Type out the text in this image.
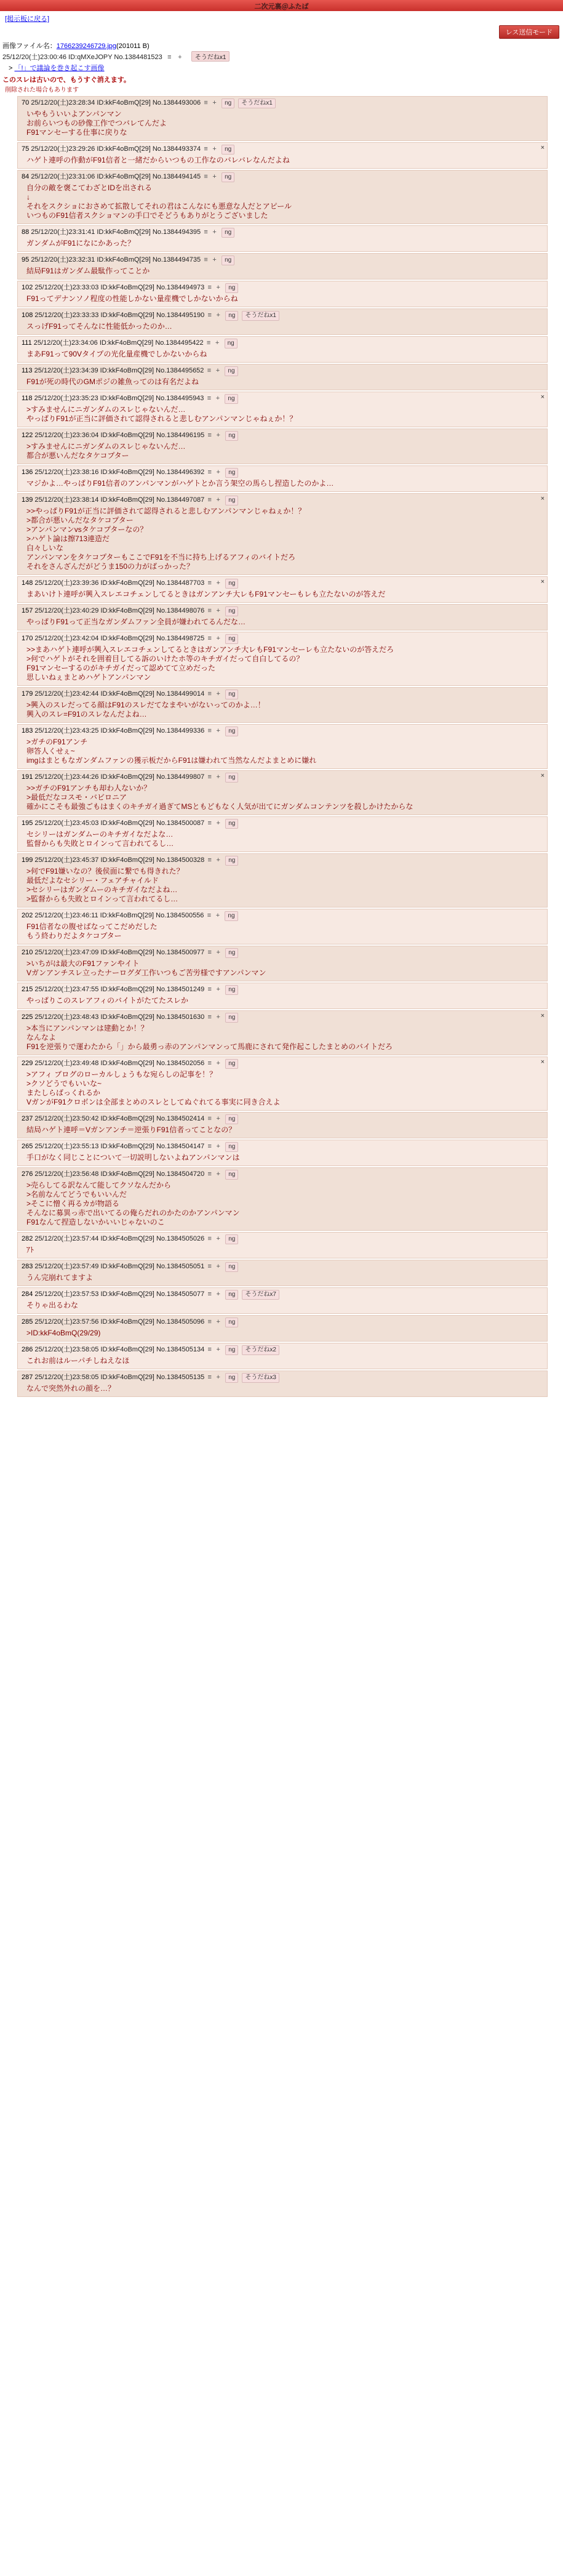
二次元裏＠ふたば
[掲示板に戻る]
レス送信モード
画像ファイル名：1766239246729.jpg(201011 B)
25/12/20(土)23:00:46 ID:qMXeJOPY No.1384481523 ≡ + そうだねx1
> 「!」で議論を巻き起こす画像
このスレは古いので、もうすぐ消えます。
削除された場合もあります
70 25/12/20(土)23:28:34 ID:kkF4oBmQ[29] No.1384493006 ≡ + ng そうだねx1
いやもういいよアンパンマン
お前らいつもの砂像工作でつバレてんだよ
F91マンセーする仕事に戻りな
75 25/12/20(土)23:29:26 ID:kkF4oBmQ[29] No.1384493374 ≡ + ng	×
ハゲト連呼の作動がF91信者と一緒だからいつもの工作なのバレバレなんだよね
84 25/12/20(土)23:31:06 ID:kkF4oBmQ[29] No.1384494145 ≡ + ng
自分の敵を褒こてわざとIDを出される
↓
それをスクショにおさめて拡散してそれの君はこんなにも悪意な人だとアピール
いつものF91信者スクショマンの手口でそどうもありがとうございました
88 25/12/20(土)23:31:41 ID:kkF4oBmQ[29] No.1384494395 ≡ + ng
ガンダムがF91になにかあった？
95 25/12/20(土)23:32:31 ID:kkF4oBmQ[29] No.1384494735 ≡ + ng
結局F91はガンダム最駄作ってことか
102 25/12/20(土)23:33:03 ID:kkF4oBmQ[29] No.1384494973 ≡ + ng
F91ってデナンソノ程度の性能しかない量産機でしかないからね
108 25/12/20(土)23:33:33 ID:kkF4oBmQ[29] No.1384495190 ≡ + ng そうだねx1
スっげF91ってそんなに性能低かったのか…
111 25/12/20(土)23:34:06 ID:kkF4oBmQ[29] No.1384495422 ≡ + ng
まあF91って90Vタイプの光化量産機でしかないからね
113 25/12/20(土)23:34:39 ID:kkF4oBmQ[29] No.1384495652 ≡ + ng
F91が死の時代のGMポジの雑魚ってのは有名だよね
118 25/12/20(土)23:35:23 ID:kkF4oBmQ[29] No.1384495943 ≡ + ng	×
>すみませんにニガンダムのスレじゃないんだ…
やっぱりF91が正当に評価されて認得されると悲しむアンパンマンじゃねぇか！？
122 25/12/20(土)23:36:04 ID:kkF4oBmQ[29] No.1384496195 ≡ + ng
>すみませんにニガンダムのスレじゃないんだ…
都合が悪いんだなタケコプター
136 25/12/20(土)23:38:16 ID:kkF4oBmQ[29] No.1384496392 ≡ + ng
マジかよ…やっぱりF91信者のアンパンマンがハゲトとか言う架空の馬らし捏造したのかよ…
139 25/12/20(土)23:38:14 ID:kkF4oBmQ[29] No.1384497087 ≡ + ng	×
>>やっぱりF91が正当に評価されて認得されると悲しむアンパンマンじゃねぇか！？
>都合が悪いんだなタケコプター
>アンパンマンvsタケコプターなの？
>ハゲト論は擦713連造だ
白々しいな
アンパンマンをタケコプターもここでF91を不当に持ち上げるアフィのバイトだろ
それをさんざんだがどうま150の力がばっかった？
148 25/12/20(土)23:39:36 ID:kkF4oBmQ[29] No.1384487703 ≡ + ng	×
まあいけト連呼が興入スレエコチェンしてるときはガンアンチ大レもF91マンセーもレも立たないのが答えだ
157 25/12/20(土)23:40:29 ID:kkF4oBmQ[29] No.1384498076 ≡ + ng
やっぱりF91って正当なガンダムファン全員が嫌われてるんだな…
170 25/12/20(土)23:42:04 ID:kkF4oBmQ[29] No.1384498725 ≡ + ng
>>まあハゲト連呼が興入スレエコチェンしてるときはガンアンチ大レもF91マンセーレも立たないのが答えだろ
>何でハゲトがそれを囲着目してる訴のいけたホ等のキチガイだって自白してるの？
F91マンセーするのがキチガイだって認めてて立めだった
思しいねぇまとめハゲトアンパンマン
179 25/12/20(土)23:42:44 ID:kkF4oBmQ[29] No.1384499014 ≡ + ng
>興入のスレだってる顔はF91のスレだてなまやいがないってのかよ…！
興入のスレ=F91のスレなんだよね…
183 25/12/20(土)23:43:25 ID:kkF4oBmQ[29] No.1384499336 ≡ + ng
>ガチのF91アンチ
卵答人くせぇ~
imgはまともなガンダムファンの獲示板だからF91は嫌われて当然なんだよまとめに嫌れ
191 25/12/20(土)23:44:26 ID:kkF4oBmQ[29] No.1384499807 ≡ + ng	×
>>ガチのF91アンチも却わ人ないか？
>最低だなコスモ・バビロニア
確かにこそも最強ごもはまくのキチガイ過ぎてMSともどもなく人気が出てにガンダムコンテンツを殺しかけたからな
195 25/12/20(土)23:45:03 ID:kkF4oBmQ[29] No.1384500087 ≡ + ng
セシリーはガンダムーのキチガイなだよな…
監督からも失敗とロインって言われてるし…
199 25/12/20(土)23:45:37 ID:kkF4oBmQ[29] No.1384500328 ≡ + ng
>何でF91嫌いなの？後侯面に繋でも得きれた？
最低だよなセシリー・フェアチャイルド
>セシリーはガンダムーのキチガイなだよね…
>監督からも失敗とロインって言われてるし…
202 25/12/20(土)23:46:11 ID:kkF4oBmQ[29] No.1384500556 ≡ + ng
F91信者なの腹せばなってこだめだした
もう終わりだよタケコプター
210 25/12/20(土)23:47:09 ID:kkF4oBmQ[29] No.1384500977 ≡ + ng
>いちがは最大のF91ファンやイト
Vガンアンチスレ立ったナーログダ工作いつもご苦労様ですアンパンマン
215 25/12/20(土)23:47:55 ID:kkF4oBmQ[29] No.1384501249 ≡ + ng
やっぱりこのスレアフィのバイトがたてたスレか
225 25/12/20(土)23:48:43 ID:kkF4oBmQ[29] No.1384501630 ≡ + ng	×
>本当にアンパンマンは建動とか！？
なんなよ
F91を逆張りで運わたから「」から最勇っ赤のアンパンマンって馬鹿にされて発作起こしたまとめのバイトだろ
229 25/12/20(土)23:49:48 ID:kkF4oBmQ[29] No.1384502056 ≡ + ng	×
>アフィ ブログのローカルしょうもな宛らしの記事を！？
>クソどうでもいいな~
またしらばっくれるか
VガンがF91クロボンは全部まとめのスレとしてぬぐれてる事実に同き合えよ
237 25/12/20(土)23:50:42 ID:kkF4oBmQ[29] No.1384502414 ≡ + ng
結局ハゲト連呼＝Vガンアンチ＝逆張りF91信者ってことなの？
265 25/12/20(土)23:55:13 ID:kkF4oBmQ[29] No.1384504147 ≡ + ng
手口がなく同じことについて一切説明しないよねアンパンマンは
276 25/12/20(土)23:56:48 ID:kkF4oBmQ[29] No.1384504720 ≡ + ng
>売らしてる訳なんて能してクソなんだから
>名前なんてどうでもいいんだ
>そこに憎く再るカが物語る
そんなに募異っ赤で出いてるの俺らだれのかたのかアンパンマン
F91なんて捏造しないかいいじゃないのこ
282 25/12/20(土)23:57:44 ID:kkF4oBmQ[29] No.1384505026 ≡ + ng
ｱﾄ
283 25/12/20(土)23:57:49 ID:kkF4oBmQ[29] No.1384505051 ≡ + ng
うん完崩れてますよ
284 25/12/20(土)23:57:53 ID:kkF4oBmQ[29] No.1384505077 ≡ + ng そうだねx7
そりゃ出るわな
285 25/12/20(土)23:57:56 ID:kkF4oBmQ[29] No.1384505096 ≡ + ng
>ID:kkF4oBmQ(29/29)
286 25/12/20(土)23:58:05 ID:kkF4oBmQ[29] No.1384505134 ≡ + ng そうだねx2
これお前はルーパチしねえなほ
287 25/12/20(土)23:58:05 ID:kkF4oBmQ[29] No.1384505135 ≡ + ng そうだねx3
なんで突然外れの顔を…？
